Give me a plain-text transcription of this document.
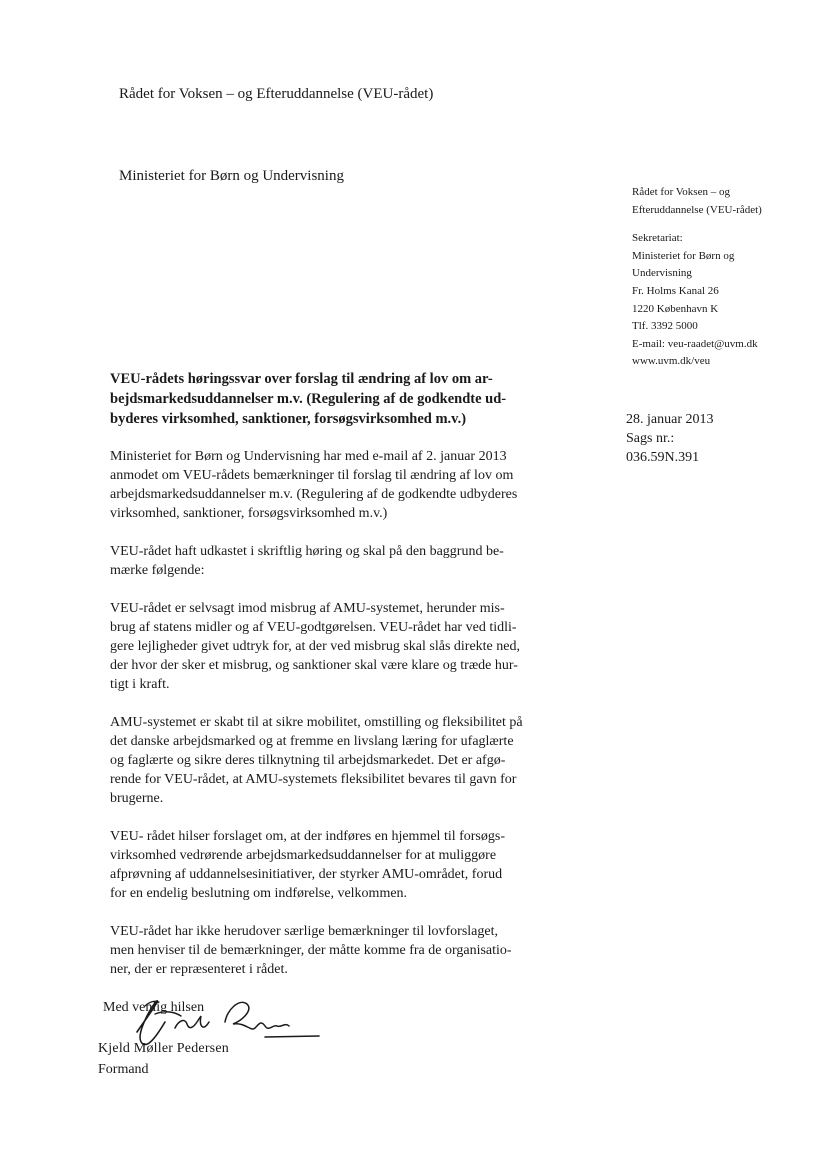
Rådet for Voksen – og Efteruddannelse (VEU-rådet)
Ministeriet for Børn og Undervisning
Rådet for Voksen – og
Efteruddannelse (VEU-rådet)
Sekretariat:
Ministeriet for Børn og
Undervisning
Fr. Holms Kanal 26
1220 København K
Tlf. 3392 5000
E-mail: veu-raadet@uvm.dk
www.uvm.dk/veu
28. januar 2013
Sags nr.:
036.59N.391
VEU-rådets høringssvar over forslag til ændring af lov om ar-
bejdsmarkedsuddannelser m.v. (Regulering af de godkendte ud-
byderes virksomhed, sanktioner, forsøgsvirksomhed m.v.)
Ministeriet for Børn og Undervisning har med e-mail af 2. januar 2013
anmodet om VEU-rådets bemærkninger til forslag til ændring af lov om
arbejdsmarkedsuddannelser m.v. (Regulering af de godkendte udbyderes
virksomhed, sanktioner, forsøgsvirksomhed m.v.)
VEU-rådet haft udkastet i skriftlig høring og skal på den baggrund be-
mærke følgende:
VEU-rådet er selvsagt imod misbrug af AMU-systemet, herunder mis-
brug af statens midler og af VEU-godtgørelsen. VEU-rådet har ved tidli-
gere lejligheder givet udtryk for, at der ved misbrug skal slås direkte ned,
der hvor der sker et misbrug, og sanktioner skal være klare og træde hur-
tigt i kraft.
AMU-systemet er skabt til at sikre mobilitet, omstilling og fleksibilitet på
det danske arbejdsmarked og at fremme en livslang læring for ufaglærte
og faglærte og sikre deres tilknytning til arbejdsmarkedet. Det er afgø-
rende for VEU-rådet, at AMU-systemets fleksibilitet bevares til gavn for
brugerne.
VEU- rådet hilser forslaget om, at der indføres en hjemmel til forsøgs-
virksomhed vedrørende arbejdsmarkedsuddannelser for at muliggøre
afprøvning af uddannelsesinitiativer, der styrker AMU-området, forud
for en endelig beslutning om indførelse, velkommen.
VEU-rådet har ikke herudover særlige bemærkninger til lovforslaget,
men henviser til de bemærkninger, der måtte komme fra de organisatio-
ner, der er repræsenteret i rådet.
Med venlig hilsen
Kjeld Møller Pedersen
Formand
